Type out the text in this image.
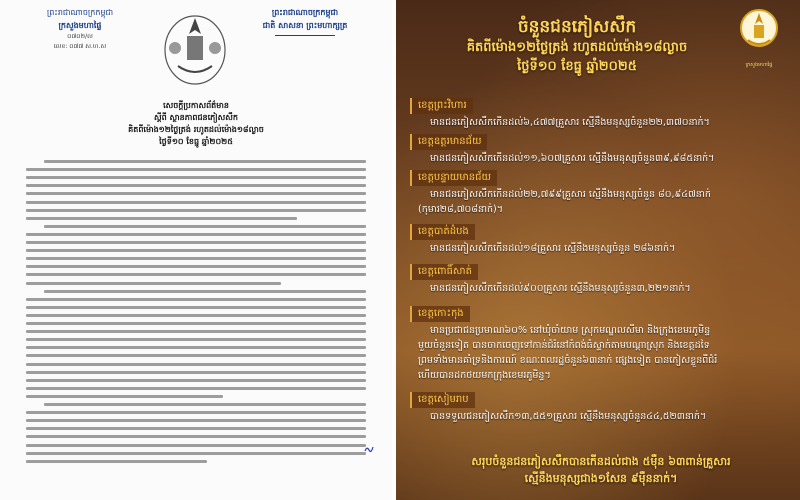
ព្រះរាជាណាចក្រកម្ពុជា
ក្រសួងមហាផ្ទៃ
០៧០២/ល
លេខ: ០៧៧ ស.ហ.ស
ព្រះរាជាណាចក្រកម្ពុជា
ជាតិ សាសនា ព្រះមហាក្សត្រ
សេចក្ដីប្រកាសព័ត៌មាន
ស្ដីពី ស្ថានភាពជនភៀសសឹក
គិតពីម៉ោង១២ថ្ងៃត្រង់ រហូតដល់ម៉ោង១៨ល្ងាច
ថ្ងៃទី១០ ខែធ្នូ ឆ្នាំ២០២៥
ចំនួនជនភៀសសឹក
គិតពីម៉ោង១២ថ្ងៃត្រង់ រហូតដល់ម៉ោង១៨ល្ងាច
ថ្ងៃទី១០ ខែធ្នូ ឆ្នាំ២០២៥	ក្រសួងមហាផ្ទៃ
ខេត្តព្រះវិហារ
មានជនភៀសសឹកកើនដល់៦,៤៧៧គ្រួសារ ស្មើនឹងមនុស្សចំនួន២២,៣៧០នាក់។
ខេត្តឧត្តរមានជ័យ
មានជនភៀសសឹកកើនដល់១១,៦០៧គ្រួសារ ស្មើនឹងមនុស្សចំនួន៣៩,៩៨៥នាក់។
ខេត្តបន្ទាយមានជ័យ
មានជនភៀសសឹកកើនដល់២២,៧៩៩គ្រួសារ ស្មើនឹងមនុស្សចំនួន ៨០,៩៤៧នាក់
(កុមារ២៨,៧០៨នាក់)។
ខេត្តបាត់ដំបង
មានជនភៀសសឹកកើនដល់១៨គ្រួសារ ស្មើនឹងមនុស្សចំនួន ២៨៦នាក់។
ខេត្តពោធិ៍សាត់
មានជនភៀសសឹកកើនដល់៩០០គ្រួសារ ស្មើនឹងមនុស្សចំនួន៣,២២១នាក់។
ខេត្តកោះកុង
មានប្រជាជនប្រមាណ៦០% នៅឃុំចាំយាម ស្រុកមណ្ឌលសីមា និងក្រុងខេមរភូមិន្ទ
មួយចំនួនទៀត បានចាកចេញទៅកាន់ជំរំនៅកំពង់ធំស្ទាក់តាមបណ្ដាស្រុក និងខេត្តដទៃ
ព្រមទាំងមានគាំទ្រនិងការណ៍ ខណៈពលរដ្ឋចំនួន៦៣នាក់ ផ្សេងទៀត បានភៀសខ្លួនពីជំរំ
ហើយបានដកថយមកក្រុងខេមរភូមិន្ទ។
ខេត្តសៀមរាប
បានទទួលជនភៀសសឹក១៣,៥៥១គ្រួសារ ស្មើនឹងមនុស្សចំនួន៤៤,៥២៣នាក់។
សរុបចំនួនជនភៀសសឹកបានកើនដល់ជាង ៥មុឺន ៦៣ពាន់គ្រួសារ
ស្មើនឹងមនុស្សជាង១សែន ៩មុឺននាក់។
